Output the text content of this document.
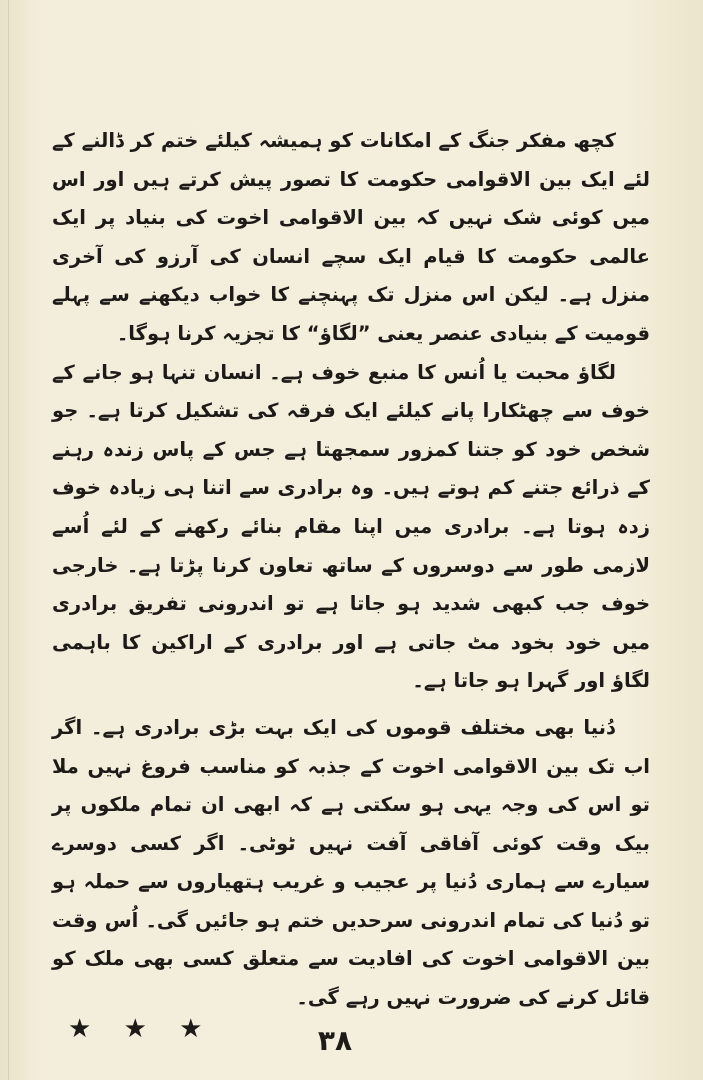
کچھ مفکر جنگ کے امکانات کو ہمیشہ کیلئے ختم کر ڈالنے کے لئے ایک بین الاقوامی حکومت کا تصور پیش کرتے ہیں اور اس میں کوئی شک نہیں کہ بین الاقوامی اخوت کی بنیاد پر ایک عالمی حکومت کا قیام ایک سچے انسان کی آرزو کی آخری منزل ہے۔ لیکن اس منزل تک پہنچنے کا خواب دیکھنے سے پہلے قومیت کے بنیادی عنصر یعنی ”لگاؤ“ کا تجزیہ کرنا ہوگا۔

لگاؤ محبت یا اُنس کا منبع خوف ہے۔ انسان تنہا ہو جانے کے خوف سے چھٹکارا پانے کیلئے ایک فرقہ کی تشکیل کرتا ہے۔ جو شخص خود کو جتنا کمزور سمجھتا ہے جس کے پاس زندہ رہنے کے ذرائع جتنے کم ہوتے ہیں۔ وہ برادری سے اتنا ہی زیادہ خوف زدہ ہوتا ہے۔ برادری میں اپنا مقام بنائے رکھنے کے لئے اُسے لازمی طور سے دوسروں کے ساتھ تعاون کرنا پڑتا ہے۔ خارجی خوف جب کبھی شدید ہو جاتا ہے تو اندرونی تفریق برادری میں خود بخود مٹ جاتی ہے اور برادری کے اراکین کا باہمی لگاؤ اور گہرا ہو جاتا ہے۔

دُنیا بھی مختلف قوموں کی ایک بہت بڑی برادری ہے۔ اگر اب تک بین الاقوامی اخوت کے جذبہ کو مناسب فروغ نہیں ملا تو اس کی وجہ یہی ہو سکتی ہے کہ ابھی ان تمام ملکوں پر بیک وقت کوئی آفاقی آفت نہیں ٹوٹی۔ اگر کسی دوسرے سیارے سے ہماری دُنیا پر عجیب و غریب ہتھیاروں سے حملہ ہو تو دُنیا کی تمام اندرونی سرحدیں ختم ہو جائیں گی۔ اُس وقت بین الاقوامی اخوت کی افادیت سے متعلق کسی بھی ملک کو قائل کرنے کی ضرورت نہیں رہے گی۔

★ ★ ★	۳۸
